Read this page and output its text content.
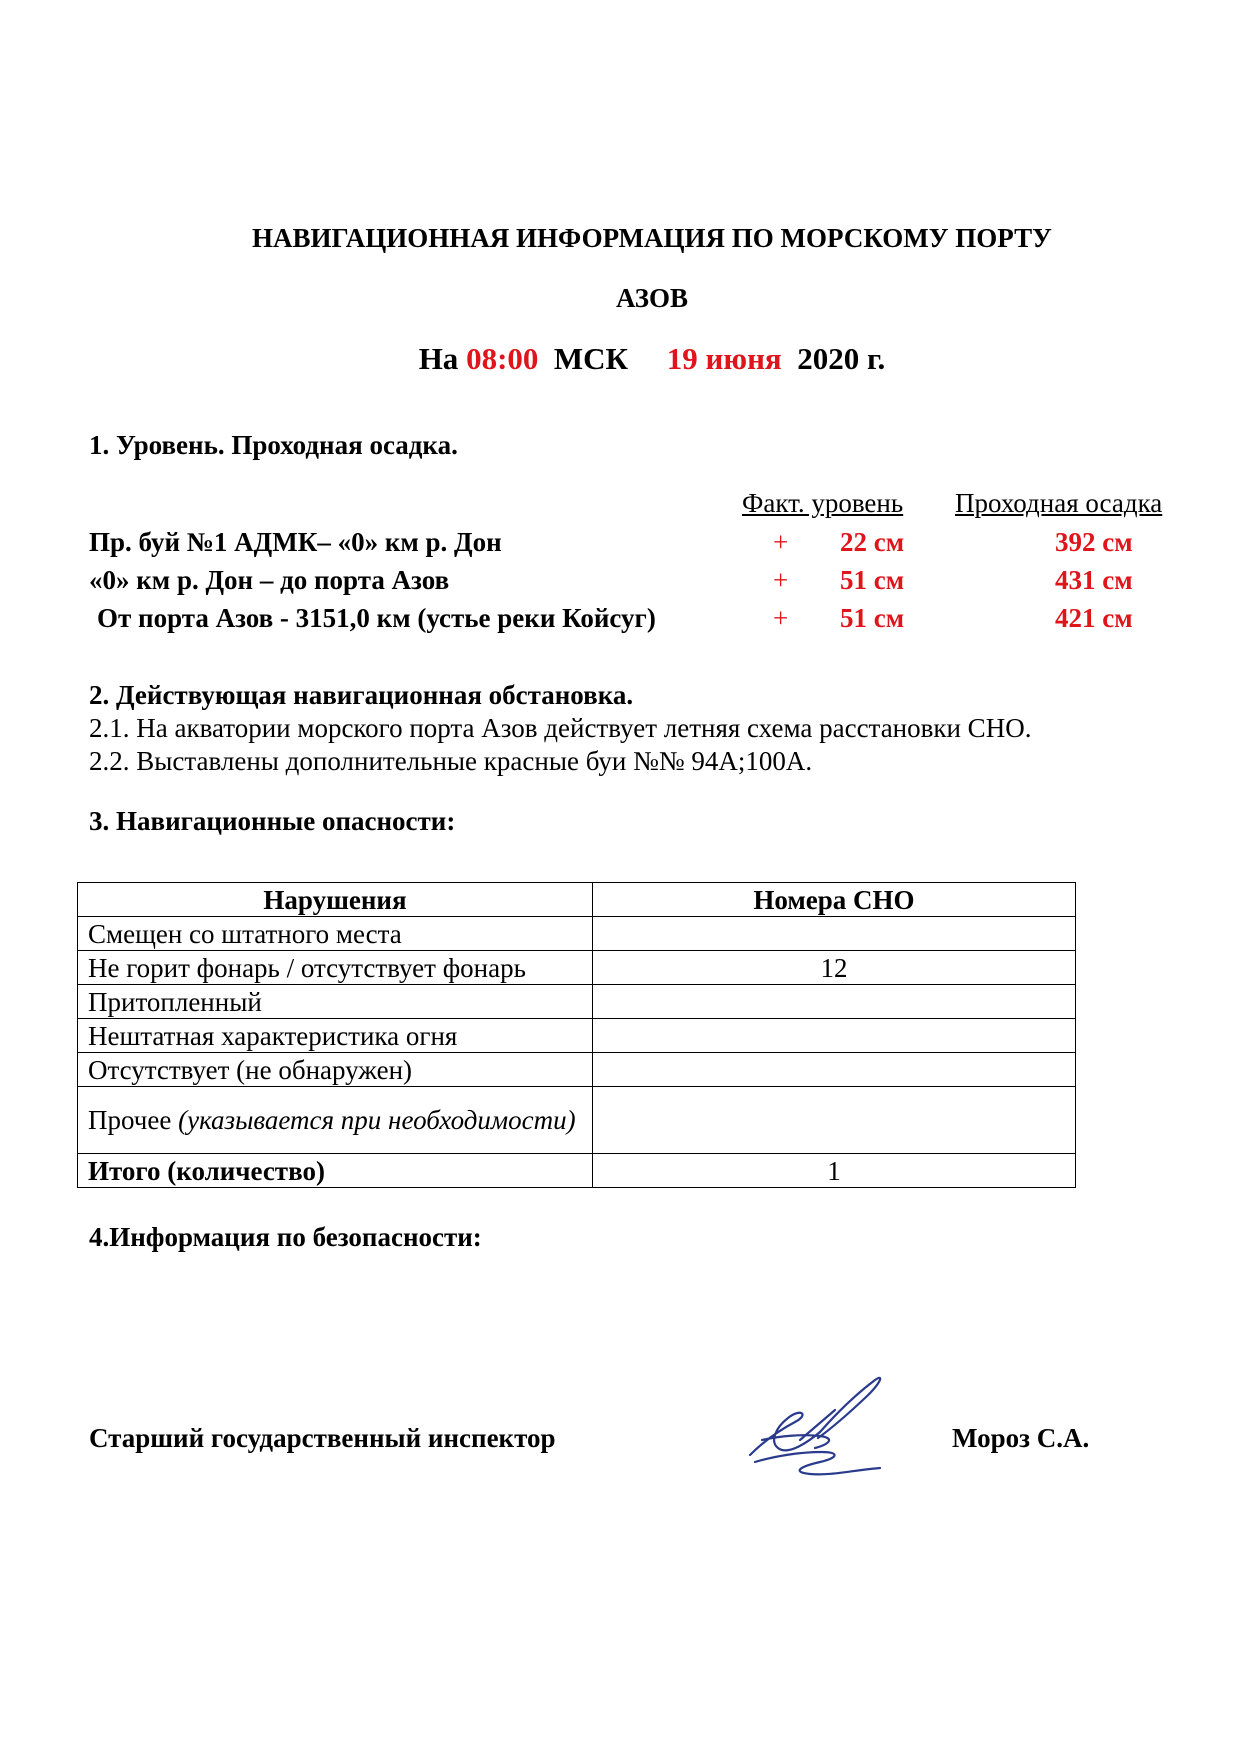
НАВИГАЦИОННАЯ ИНФОРМАЦИЯ ПО МОРСКОМУ ПОРТУ
АЗОВ
На 08:00  МСК     19 июня  2020 г.
1. Уровень. Проходная осадка.
Факт. уровень Проходная осадка
Пр. буй №1 АДМК– «0» км р. Дон	+ 22 см	392 см
«0» км р. Дон – до порта Азов	+ 51 см	431 см
От порта Азов - 3151,0 км (устье реки Койсуг)	+ 51 см	421 см
2. Действующая навигационная обстановка.
2.1. На акватории морского порта Азов действует летняя схема расстановки СНО.
2.2. Выставлены дополнительные красные буи №№ 94А;100А.
3. Навигационные опасности:
Нарушения	Номера СНО
Смещен со штатного места	
Не горит фонарь / отсутствует фонарь	12
Притопленный	
Нештатная характеристика огня	
Отсутствует (не обнаружен)	
Прочее (указывается при необходимости)	
Итого (количество)	1
4.Информация по безопасности:
Старший государственный инспектор	Мороз С.А.
